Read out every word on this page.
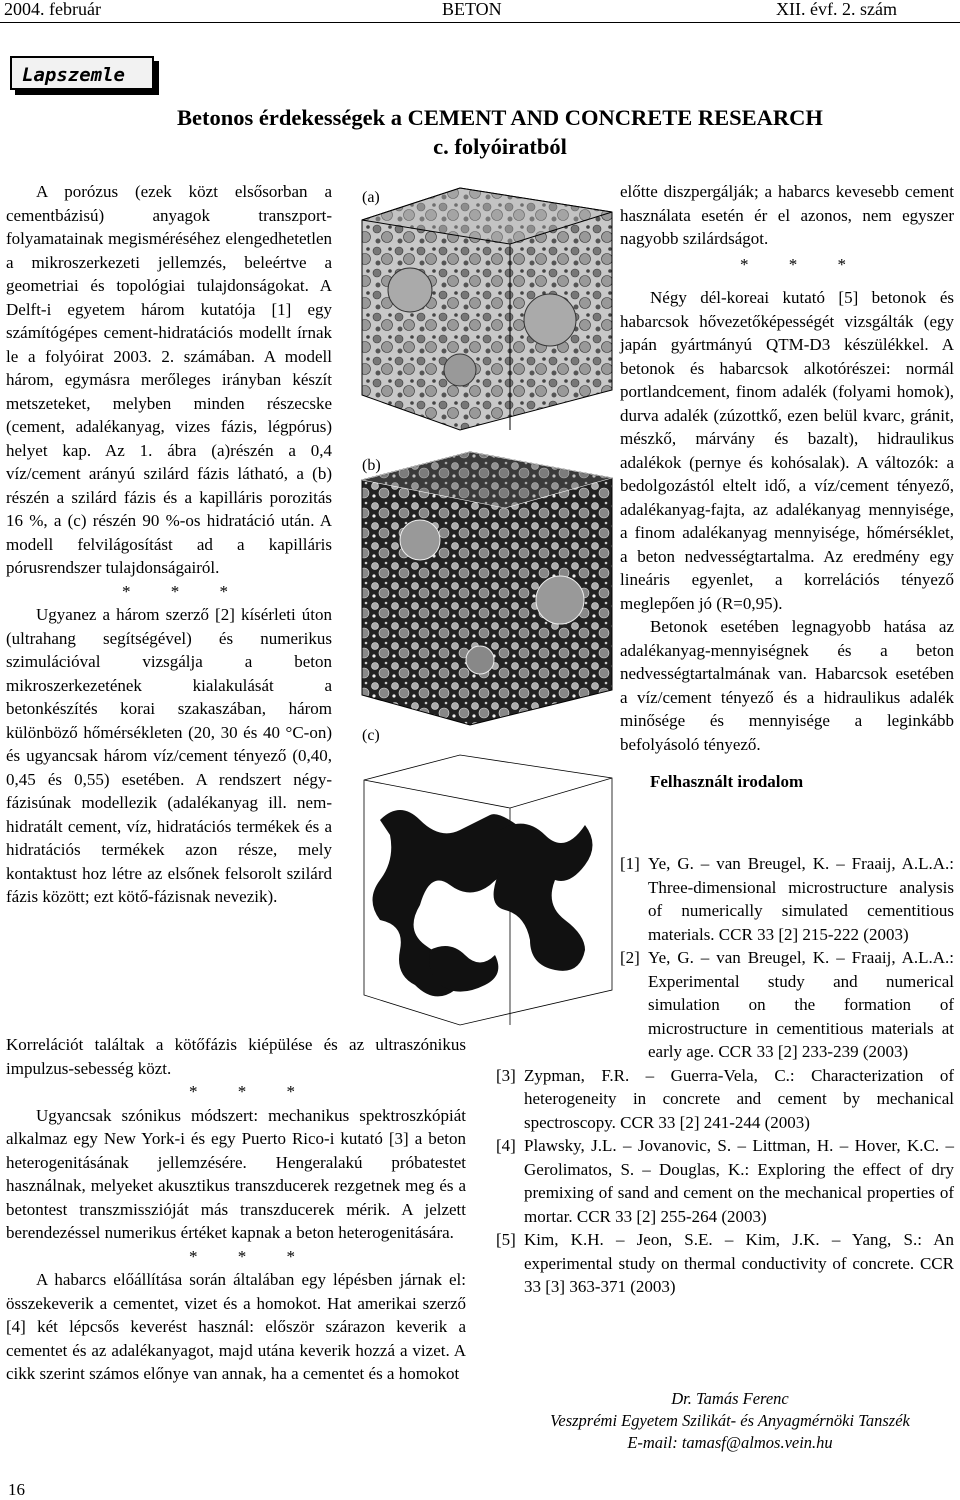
2004. február	BETON	XII. évf. 2. szám
Lapszemle
Betonos érdekességek a CEMENT AND CONCRETE RESEARCH
c. folyóiratból

A porózus (ezek közt elsősorban a cementbázisú) anyagok transzport-folyamatainak megisméréséhez elengedhetetlen a mikroszerkezeti jellemzés, beleértve a geometriai és topológiai tulajdonságokat. A Delft-i egyetem három kutatója [1] egy számítógépes cement-hidratációs modellt írnak le a folyóirat 2003. 2. számában. A modell három, egymásra merőleges irányban készít metszeteket, melyben minden részecske (cement, adalékanyag, vizes fázis, légpórus) helyet kap. Az 1. ábra (a)részén a 0,4 víz/cement arányú szilárd fázis látható, a (b) részén a szilárd fázis és a kapilláris porozitás 16 %, a (c) részén 90 %-os hidratáció után. A modell felvilágosítást ad a kapilláris pórusrendszer tulajdonságairól.

* * *

Ugyanez a három szerző [2] kísérleti úton (ultrahang segítségével) és numerikus szimulációval vizsgálja a beton mikroszerkezetének kialakulását a betonkészítés korai szakaszában, három különböző hőmérsékleten (20, 30 és 40 °C-on) és ugyancsak három víz/cement tényező (0,40, 0,45 és 0,55) esetében. A rendszert négy-fázisúnak modellezik (adalékanyag ill. nem-hidratált cement, víz, hidratációs termékek és a hidratációs termékek azon része, mely kontaktust hoz létre az elsőnek felsorolt szilárd fázis között; ezt kötő-fázisnak nevezik).

(a)
(b)
(c)

Korrelációt találtak a kötőfázis kiépülése és az ultraszónikus impulzus-sebesség közt.

* * *

Ugyancsak szónikus módszert: mechanikus spektroszkópiát alkalmaz egy New York-i és egy Puerto Rico-i kutató [3] a beton heterogenitásának jellemzésére. Hengeralakú próbatestet használnak, melyeket akusztikus transzducerek rezgetnek meg és a betontest transzmisszióját más transzducerek mérik. A jelzett berendezéssel numerikus értéket kapnak a beton heterogenitására.

* * *

A habarcs előállítása során általában egy lépésben járnak el: összekeverik a cementet, vizet és a homokot. Hat amerikai szerző [4] két lépcsős keverést használ: először szárazon keverik a cementet és az adalékanyagot, majd utána keverik hozzá a vizet. A cikk szerint számos előnye van annak, ha a cementet és a homokot

előtte diszpergálják; a habarcs kevesebb cement használata esetén ér el azonos, nem egyszer nagyobb szilárdságot.

* * *

Négy dél-koreai kutató [5] betonok és habarcsok hővezetőképességét vizsgálták (egy japán gyártmányú QTM-D3 készülékkel. A betonok és habarcsok alkotórészei: normál portlandcement, finom adalék (folyami homok), durva adalék (zúzottkő, ezen belül kvarc, gránit, mészkő, márvány és bazalt), hidraulikus adalékok (pernye és kohósalak). A változók: a bedolgozástól eltelt idő, a víz/cement tényező, adalékanyag-fajta, az adalékanyag mennyisége, a finom adalékanyag mennyisége, hőmérséklet, a beton nedvességtartalma. Az eredmény egy lineáris egyenlet, a korrelációs tényező meglepően jó (R=0,95).

Betonok esetében legnagyobb hatása az adalékanyag-mennyiségnek és a beton nedvességtartalmának van. Habarcsok esetében a víz/cement tényező és a hidraulikus adalék minősége és mennyisége a leginkább befolyásoló tényező.

Felhasznált irodalom

[1] Ye, G. – van Breugel, K. – Fraaij, A.L.A.: Three-dimensional microstructure analysis of numerically simulated cementitious materials. CCR 33 [2] 215-222 (2003)
[2] Ye, G. – van Breugel, K. – Fraaij, A.L.A.: Experimental study and numerical simulation on the formation of microstructure in cementitious materials at early age. CCR 33 [2] 233-239 (2003)
[3] Zypman, F.R. – Guerra-Vela, C.: Characterization of heterogeneity in concrete and cement by mechanical spectroscopy. CCR 33 [2] 241-244 (2003)
[4] Plawsky, J.L. – Jovanovic, S. – Littman, H. – Hover, K.C. – Gerolimatos, S. – Douglas, K.: Exploring the effect of dry premixing of sand and cement on the mechanical properties of mortar. CCR 33 [2] 255-264 (2003)
[5] Kim, K.H. – Jeon, S.E. – Kim, J.K. – Yang, S.: An experimental study on thermal conductivity of concrete. CCR 33 [3] 363-371 (2003)
Dr. Tamás Ferenc
Veszprémi Egyetem Szilikát- és Anyagmérnöki Tanszék
E-mail: tamasf@almos.vein.hu
16
